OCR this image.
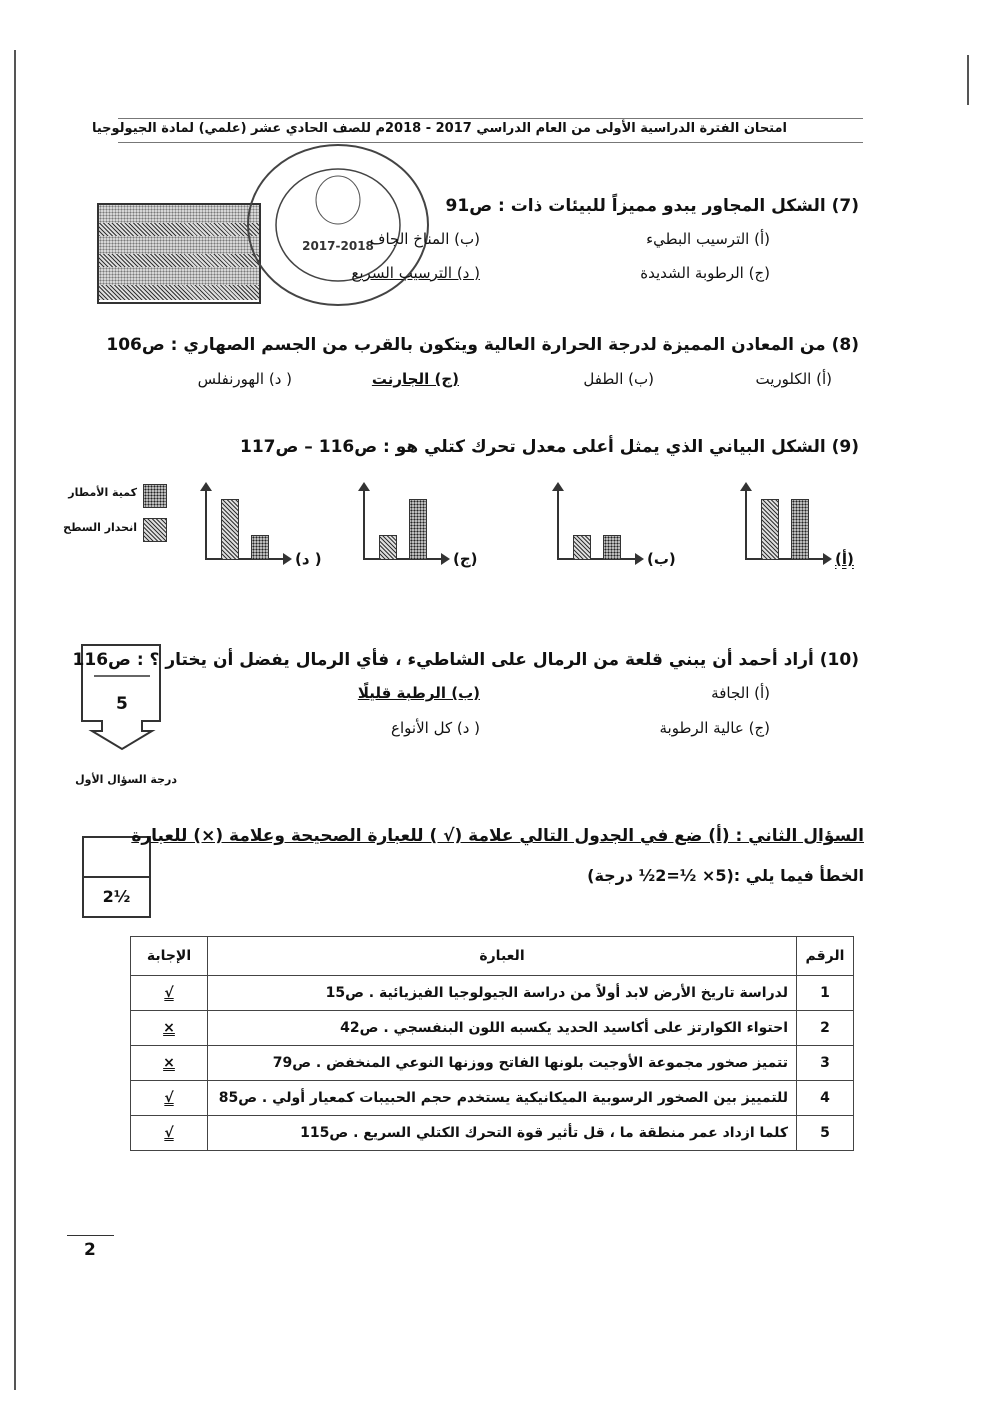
امتحان الفترة الدراسية الأولى من العام الدراسي 2017 - 2018م للصف الحادي عشر (علمي) لمادة الجيولوجيا
2017-2018
(7) الشكل المجاور يبدو مميزاً للبيئات ذات : ص91
(أ) الترسيب البطيء
(ب) المناخ الجاف
(ج) الرطوبة الشديدة
( د) الترسيب السريع
(8) من المعادن المميزة لدرجة الحرارة العالية ويتكون بالقرب من الجسم الصهاري : ص106
(أ) الكلوريت
(ب) الطفل
(ج) الجارنت
( د) الهورنفلس
(9) الشكل البياني الذي يمثل أعلى معدل تحرك كتلي هو : ص116 – ص117
كمية الأمطار
انحدار السطح
(أ)
(ب)
(ج)
( د)
5
درجة السؤال الأول
(10) أراد أحمد أن يبني قلعة من الرمال على الشاطيء ، فأي الرمال يفضل أن يختار ؟ : ص116
(أ) الجافة
(ب) الرطبة قليلًا
(ج) عالية الرطوبة
( د) كل الأنواع
2½
السؤال الثاني : (أ) ضع في الجدول التالي علامة (√ ) للعبارة الصحيحة وعلامة (×) للعبارة
الخطأ فيما يلي :(5× ½=2½ درجة)
الرقم	العبارة	الإجابة
1	لدراسة تاريخ الأرض لابد أولاً من دراسة الجيولوجيا الفيزيائية . ص15	√
2	احتواء الكوارتز على أكاسيد الحديد يكسبه اللون البنفسجي . ص42	×
3	تتميز صخور مجموعة الأوجيت بلونها الفاتح ووزنها النوعي المنخفض . ص79	×
4	للتمييز بين الصخور الرسوبية الميكانيكية يستخدم حجم الحبيبات كمعيار أولي . ص85	√
5	كلما ازداد عمر منطقة ما ، قل تأثير قوة التحرك الكتلي السريع . ص115	√
2
